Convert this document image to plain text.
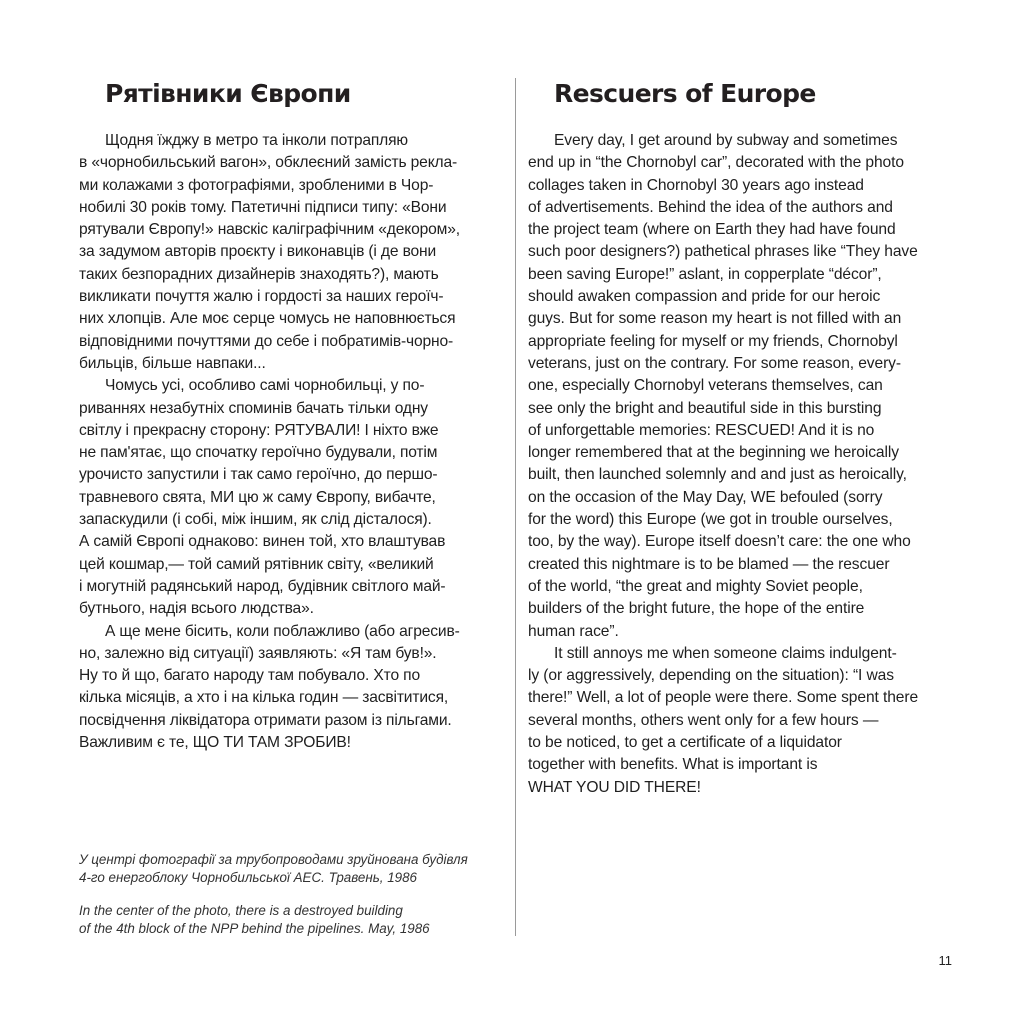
Рятівники Європи
Щодня їжджу в метро та інколи потрапляю
в «чорнобильський вагон», обклеєний замість рекла-
ми колажами з фотографіями, зробленими в Чор-
нобилі 30 років тому. Патетичні підписи типу: «Вони
рятували Європу!» навскіс каліграфічним «декором»,
за задумом авторів проєкту і виконавців (і де вони
таких безпорадних дизайнерів знаходять?), мають
викликати почуття жалю і гордості за наших героїч-
них хлопців. Але моє серце чомусь не наповнюється
відповідними почуттями до себе і побратимів-чорно-
бильців, більше навпаки...
Чомусь усі, особливо самі чорнобильці, у по-
риваннях незабутніх споминів бачать тільки одну
світлу і прекрасну сторону: РЯТУВАЛИ! І ніхто вже
не пам'ятає, що спочатку героїчно будували, потім
урочисто запустили і так само героїчно, до першо-
травневого свята, МИ цю ж саму Європу, вибачте,
запаскудили (і собі, між іншим, як слід дісталося).
А самій Європі однаково: винен той, хто влаштував
цей кошмар,— той самий рятівник світу, «великий
і могутній радянський народ, будівник світлого май-
бутнього, надія всього людства».
А ще мене бісить, коли поблажливо (або агресив-
но, залежно від ситуації) заявляють: «Я там був!».
Ну то й що, багато народу там побувало. Хто по
кілька місяців, а хто і на кілька годин — засвітитися,
посвідчення ліквідатора отримати разом із пільгами.
Важливим є те, ЩО ТИ ТАМ ЗРОБИВ!
Rescuers of Europe
Every day, I get around by subway and sometimes
end up in “the Chornobyl car”, decorated with the photo
collages taken in Chornobyl 30 years ago instead
of advertisements. Behind the idea of the authors and
the project team (where on Earth they had have found
such poor designers?) pathetical phrases like “They have
been saving Europe!” aslant, in copperplate “décor”,
should awaken compassion and pride for our heroic
guys. But for some reason my heart is not filled with an
appropriate feeling for myself or my friends, Chornobyl
veterans, just on the contrary. For some reason, every-
one, especially Chornobyl veterans themselves, can
see only the bright and beautiful side in this bursting
of unforgettable memories: RESCUED! And it is no
longer remembered that at the beginning we heroically
built, then launched solemnly and and just as heroically,
on the occasion of the May Day, WE befouled (sorry
for the word) this Europe (we got in trouble ourselves,
too, by the way). Europe itself doesn’t care: the one who
created this nightmare is to be blamed — the rescuer
of the world, “the great and mighty Soviet people,
builders of the bright future, the hope of the entire
human race”.
It still annoys me when someone claims indulgent-
ly (or aggressively, depending on the situation): “I was
there!” Well, a lot of people were there. Some spent there
several months, others went only for a few hours —
to be noticed, to get a certificate of a liquidator
together with benefits. What is important is
WHAT YOU DID THERE!
У центрі фотографії за трубопроводами зруйнована будівля
4-го енергоблоку Чорнобильської АЕС. Травень, 1986
In the center of the photo, there is a destroyed building
of the 4th block of the NPP behind the pipelines. May, 1986
11
